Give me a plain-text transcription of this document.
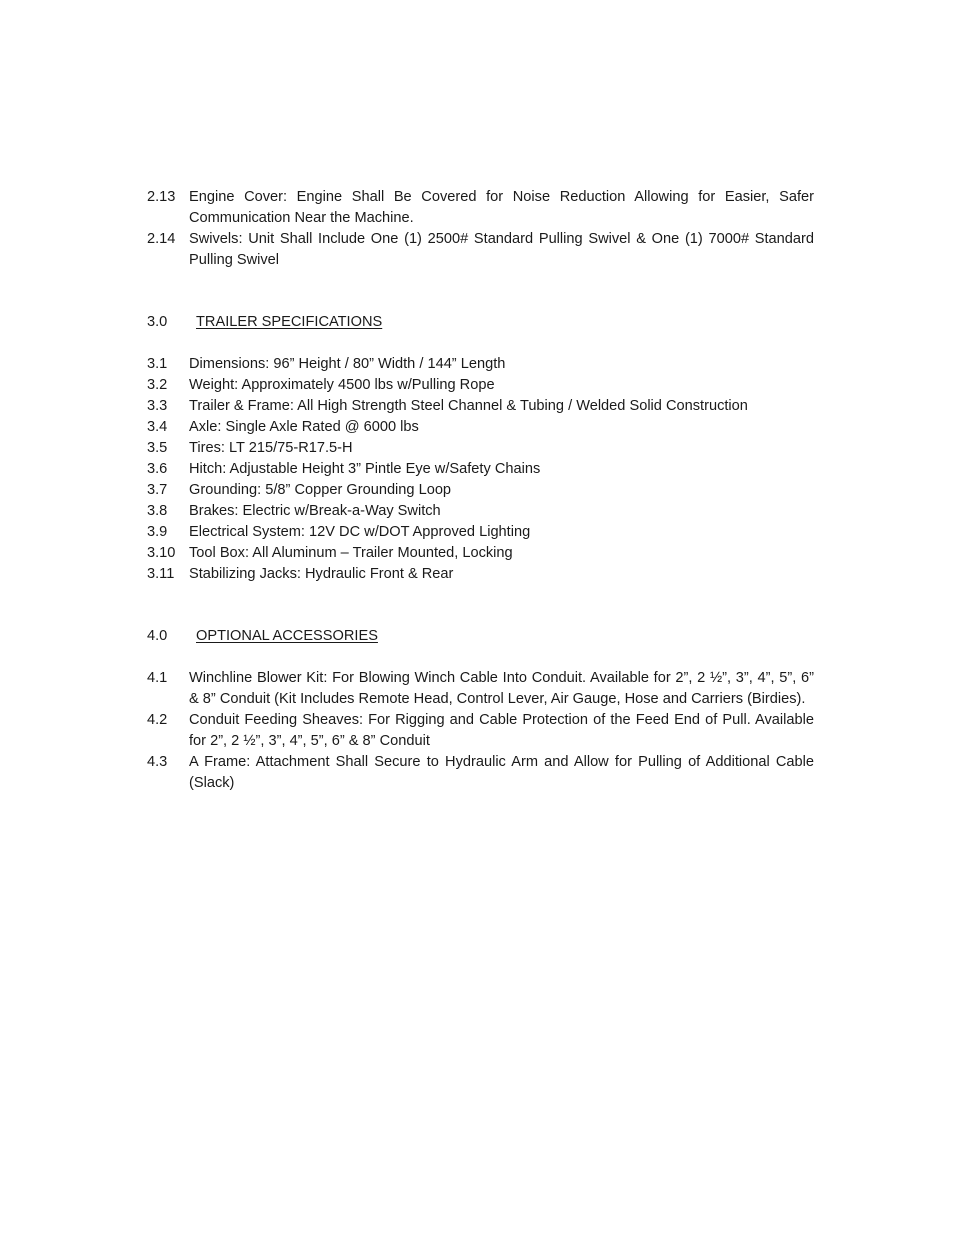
2.13 Engine Cover: Engine Shall Be Covered for Noise Reduction Allowing for Easier, Safer Communication Near the Machine.
2.14 Swivels: Unit Shall Include One (1) 2500# Standard Pulling Swivel & One (1) 7000# Standard Pulling Swivel
3.0	TRAILER SPECIFICATIONS
3.1	Dimensions: 96” Height / 80” Width / 144” Length
3.2	Weight: Approximately 4500 lbs w/Pulling Rope
3.3	Trailer & Frame: All High Strength Steel Channel & Tubing / Welded Solid Construction
3.4	Axle: Single Axle Rated @ 6000 lbs
3.5	Tires: LT 215/75-R17.5-H
3.6	Hitch: Adjustable Height 3” Pintle Eye w/Safety Chains
3.7	Grounding: 5/8” Copper Grounding Loop
3.8	Brakes: Electric w/Break-a-Way Switch
3.9	Electrical System: 12V DC w/DOT Approved Lighting
3.10 Tool Box: All Aluminum – Trailer Mounted, Locking
3.11	Stabilizing Jacks: Hydraulic Front & Rear
4.0	OPTIONAL ACCESSORIES
4.1	Winchline Blower Kit: For Blowing Winch Cable Into Conduit. Available for 2”, 2 ½”, 3”, 4”, 5”, 6” & 8” Conduit (Kit Includes Remote Head, Control Lever, Air Gauge, Hose and Carriers (Birdies).
4.2	Conduit Feeding Sheaves: For Rigging and Cable Protection of the Feed End of Pull. Available for 2”, 2 ½”, 3”, 4”, 5”, 6” & 8” Conduit
4.3	A Frame: Attachment Shall Secure to Hydraulic Arm and Allow for Pulling of Additional Cable (Slack)
